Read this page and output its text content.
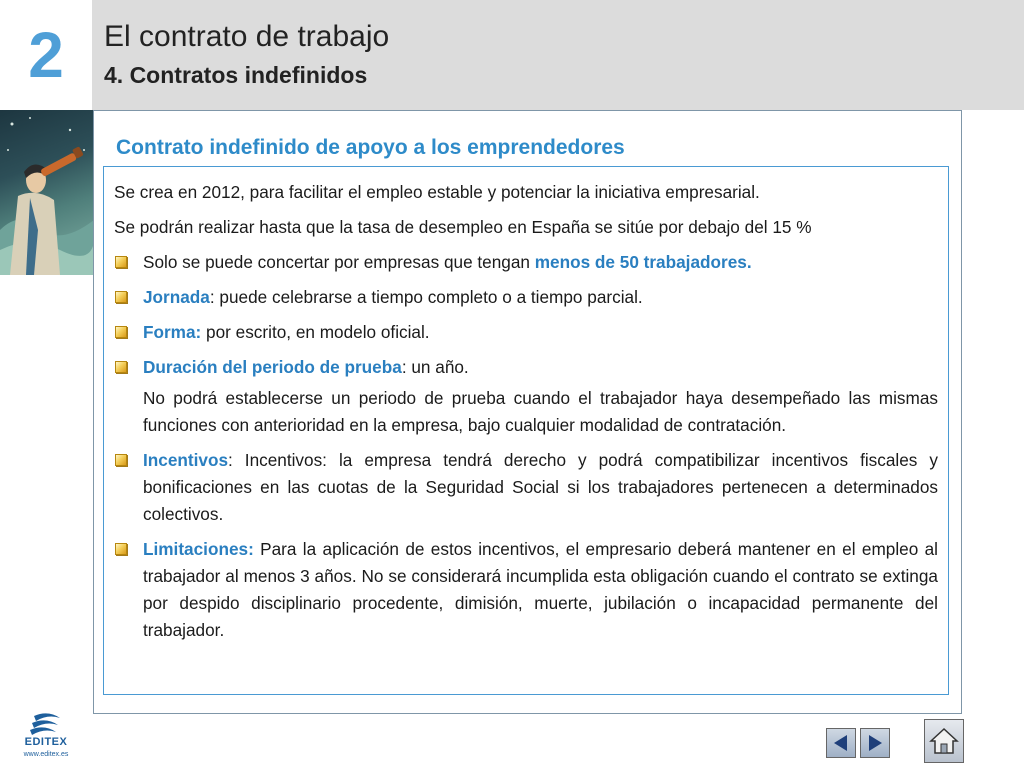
2	El contrato de trabajo
4. Contratos indefinidos
Contrato indefinido de apoyo a los emprendedores

Se crea en 2012, para facilitar el empleo estable y potenciar la iniciativa empresarial.

Se podrán realizar hasta que la tasa de desempleo en España se sitúe por debajo del 15 %

Solo se puede concertar por empresas que tengan menos de 50 trabajadores.
Jornada: puede celebrarse a tiempo completo o a tiempo parcial.
Forma: por escrito, en modelo oficial.
Duración del periodo de prueba: un año.
No podrá establecerse un periodo de prueba cuando el trabajador haya desempeñado las mismas funciones con anterioridad en la empresa, bajo cualquier modalidad de contratación.
Incentivos: Incentivos: la empresa tendrá derecho y podrá compatibilizar incentivos fiscales y bonificaciones en las cuotas de la Seguridad Social si los trabajadores pertenecen a determinados colectivos.
Limitaciones: Para la aplicación de estos incentivos, el empresario deberá mantener en el empleo al trabajador al menos 3 años. No se considerará incumplida esta obligación cuando el contrato se extinga por despido disciplinario procedente, dimisión, muerte, jubilación o incapacidad permanente del trabajador.
EDITEX
www.editex.es
